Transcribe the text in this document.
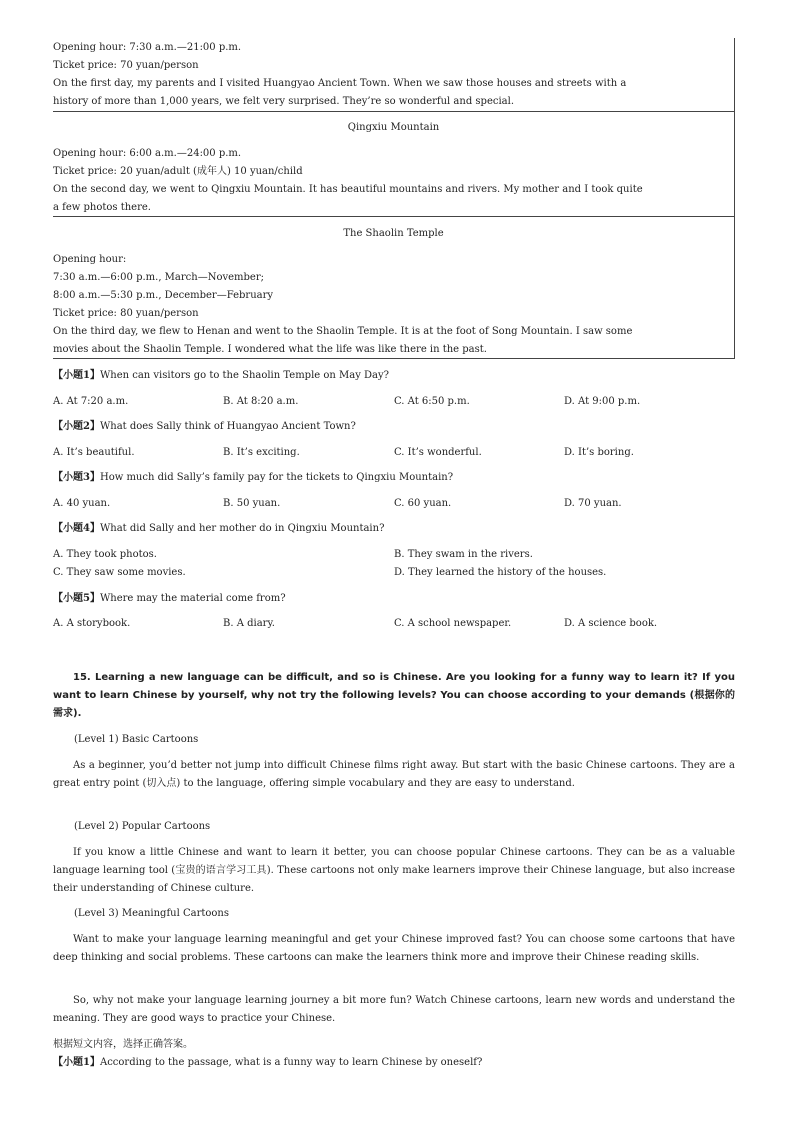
Opening hour: 7:30 a.m.—21:00 p.m.

Ticket price: 70 yuan/person

On the first day, my parents and I visited Huangyao Ancient Town. When we saw those houses and streets with a

history of more than 1,000 years, we felt very surprised. They’re so wonderful and special.

Qingxiu Mountain

Opening hour: 6:00 a.m.—24:00 p.m.

Ticket price: 20 yuan/adult (成年人) 10 yuan/child

On the second day, we went to Qingxiu Mountain. It has beautiful mountains and rivers. My mother and I took quite

a few photos there.

The Shaolin Temple

Opening hour:

7:30 a.m.—6:00 p.m., March—November;

8:00 a.m.—5:30 p.m., December—February

Ticket price: 80 yuan/person

On the third day, we flew to Henan and went to the Shaolin Temple. It is at the foot of Song Mountain. I saw some

movies about the Shaolin Temple. I wondered what the life was like there in the past.

【小题1】When can visitors go to the Shaolin Temple on May Day?
A. At 7:20 a.m.	B. At 8:20 a.m.	C. At 6:50 p.m.	D. At 9:00 p.m.
【小题2】What does Sally think of Huangyao Ancient Town?
A. It’s beautiful.	B. It’s exciting.	C. It’s wonderful.	D. It’s boring.
【小题3】How much did Sally’s family pay for the tickets to Qingxiu Mountain?
A. 40 yuan.	B. 50 yuan.	C. 60 yuan.	D. 70 yuan.
【小题4】What did Sally and her mother do in Qingxiu Mountain?
A. They took photos.	B. They swam in the rivers.
C. They saw some movies.	D. They learned the history of the houses.
【小题5】Where may the material come from?
A. A storybook.	B. A diary.	C. A school newspaper.	D. A science book.
15. Learning a new language can be difficult, and so is Chinese. Are you looking for a funny way to learn it? If you want to learn Chinese by yourself, why not try the following levels? You can choose according to your demands (根据你的需求).
(Level 1) Basic Cartoons
As a beginner, you’d better not jump into difficult Chinese films right away. But start with the basic Chinese cartoons. They are a great entry point (切入点) to the language, offering simple vocabulary and they are easy to understand.
(Level 2) Popular Cartoons
If you know a little Chinese and want to learn it better, you can choose popular Chinese cartoons. They can be as a valuable language learning tool (宝贵的语言学习工具). These cartoons not only make learners improve their Chinese language, but also increase their understanding of Chinese culture.
(Level 3) Meaningful Cartoons
Want to make your language learning meaningful and get your Chinese improved fast? You can choose some cartoons that have deep thinking and social problems. These cartoons can make the learners think more and improve their Chinese reading skills.
So, why not make your language learning journey a bit more fun? Watch Chinese cartoons, learn new words and understand the meaning. They are good ways to practice your Chinese.
根据短文内容，选择正确答案。
【小题1】According to the passage, what is a funny way to learn Chinese by oneself?
